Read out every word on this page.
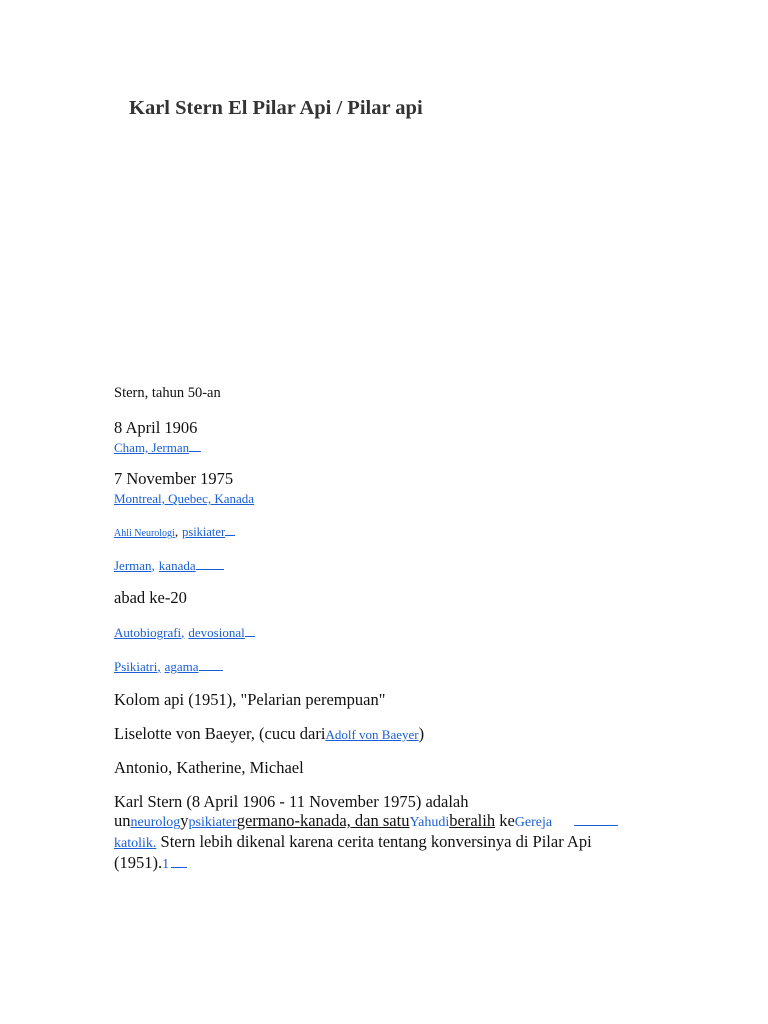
Karl Stern El Pilar Api / Pilar api
Stern, tahun 50-an
8 April 1906
Cham, Jerman
7 November 1975
Montreal, Quebec, Kanada
Ahli Neurologi, psikiater
Jerman, kanada
abad ke-20
Autobiografi, devosional
Psikiatri, agama
Kolom api (1951), "Pelarian perempuan"
Liselotte von Baeyer, (cucu dariAdolf von Baeyer)
Antonio, Katherine, Michael
Karl Stern (8 April 1906 - 11 November 1975) adalah unneurologypsikiatergermano-kanada, dan satuYahudiberalih keGereja katolik. Stern lebih dikenal karena cerita tentang konversinya di Pilar Api (1951).1
